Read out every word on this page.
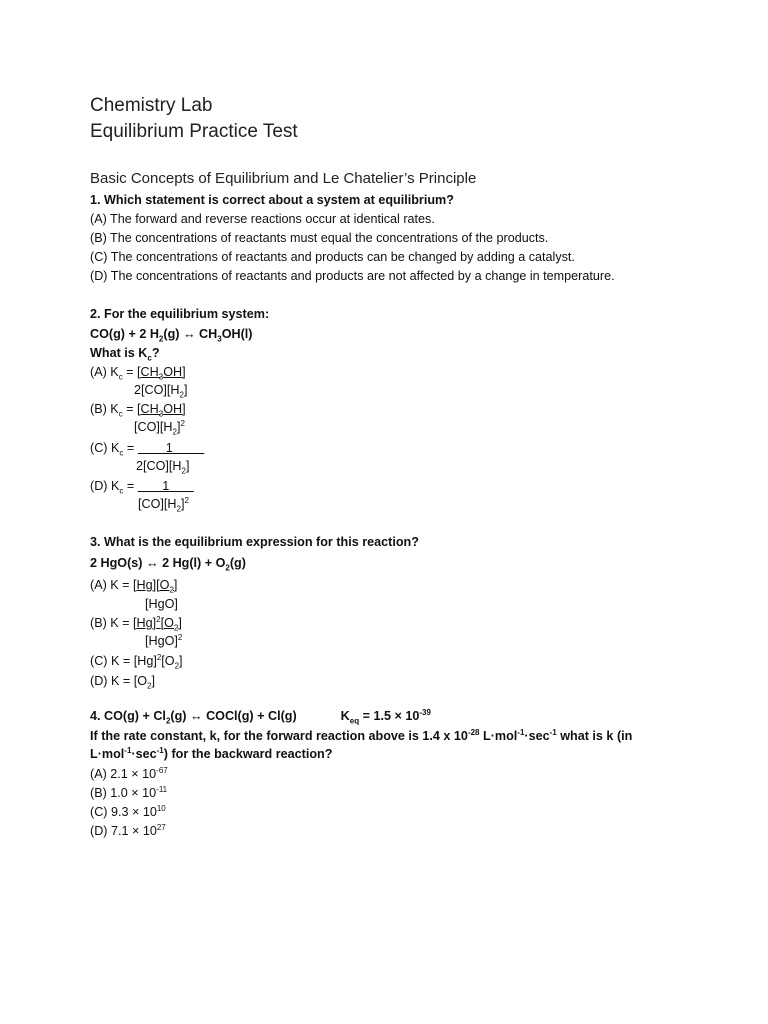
Chemistry Lab
Equilibrium Practice Test
Basic Concepts of Equilibrium and Le Chatelier’s Principle
1. Which statement is correct about a system at equilibrium?
(A) The forward and reverse reactions occur at identical rates.
(B) The concentrations of reactants must equal the concentrations of the products.
(C) The concentrations of reactants and products can be changed by adding a catalyst.
(D) The concentrations of reactants and products are not affected by a change in temperature.
2. For the equilibrium system:
CO(g) + 2 $H_2(g)$ ↔ $CH_3OH(l)$
What is $K_c$?
(A) $K_c = [CH_3OH]$
$2[CO][H_2]$
(B) $K_c = [CH_3OH]$
$[CO][H_2]^2$
(C) $K_c$ =         1
$2[CO][H_2]$
(D) $K_c$ =        1
$[CO][H_2]^2$
3. What is the equilibrium expression for this reaction?
2 HgO(s) ↔ 2 $Hg(l) + O_2(g)$
(A) $K = [Hg][O_2]$
[HgO]
(B) $K = [Hg]^2[O_2]$
[HgO]$^2$
(C) $K = [Hg]^2[O_2]$
(D) $K = [O_2]$
4. $CO(g) + Cl_2(g)$ ↔ COCl(g) + Cl(g)	$K_{eq} = 1.5 \times 10^{-39}$
If the rate constant, k, for the forward reaction above is 1.4 x $10^{-28}$ $L\cdot mol^{-1}\cdot\sec^{-1}$ what is k (in
$L\cdot mol^{-1}\cdot\sec^{-1}$) for the backward reaction?
(A) $2.1 \times 10^{-67}$
(B) $1.0 \times 10^{-11}$
(C) $9.3 \times 10^{10}$
(D) $7.1 \times 10^{27}$
